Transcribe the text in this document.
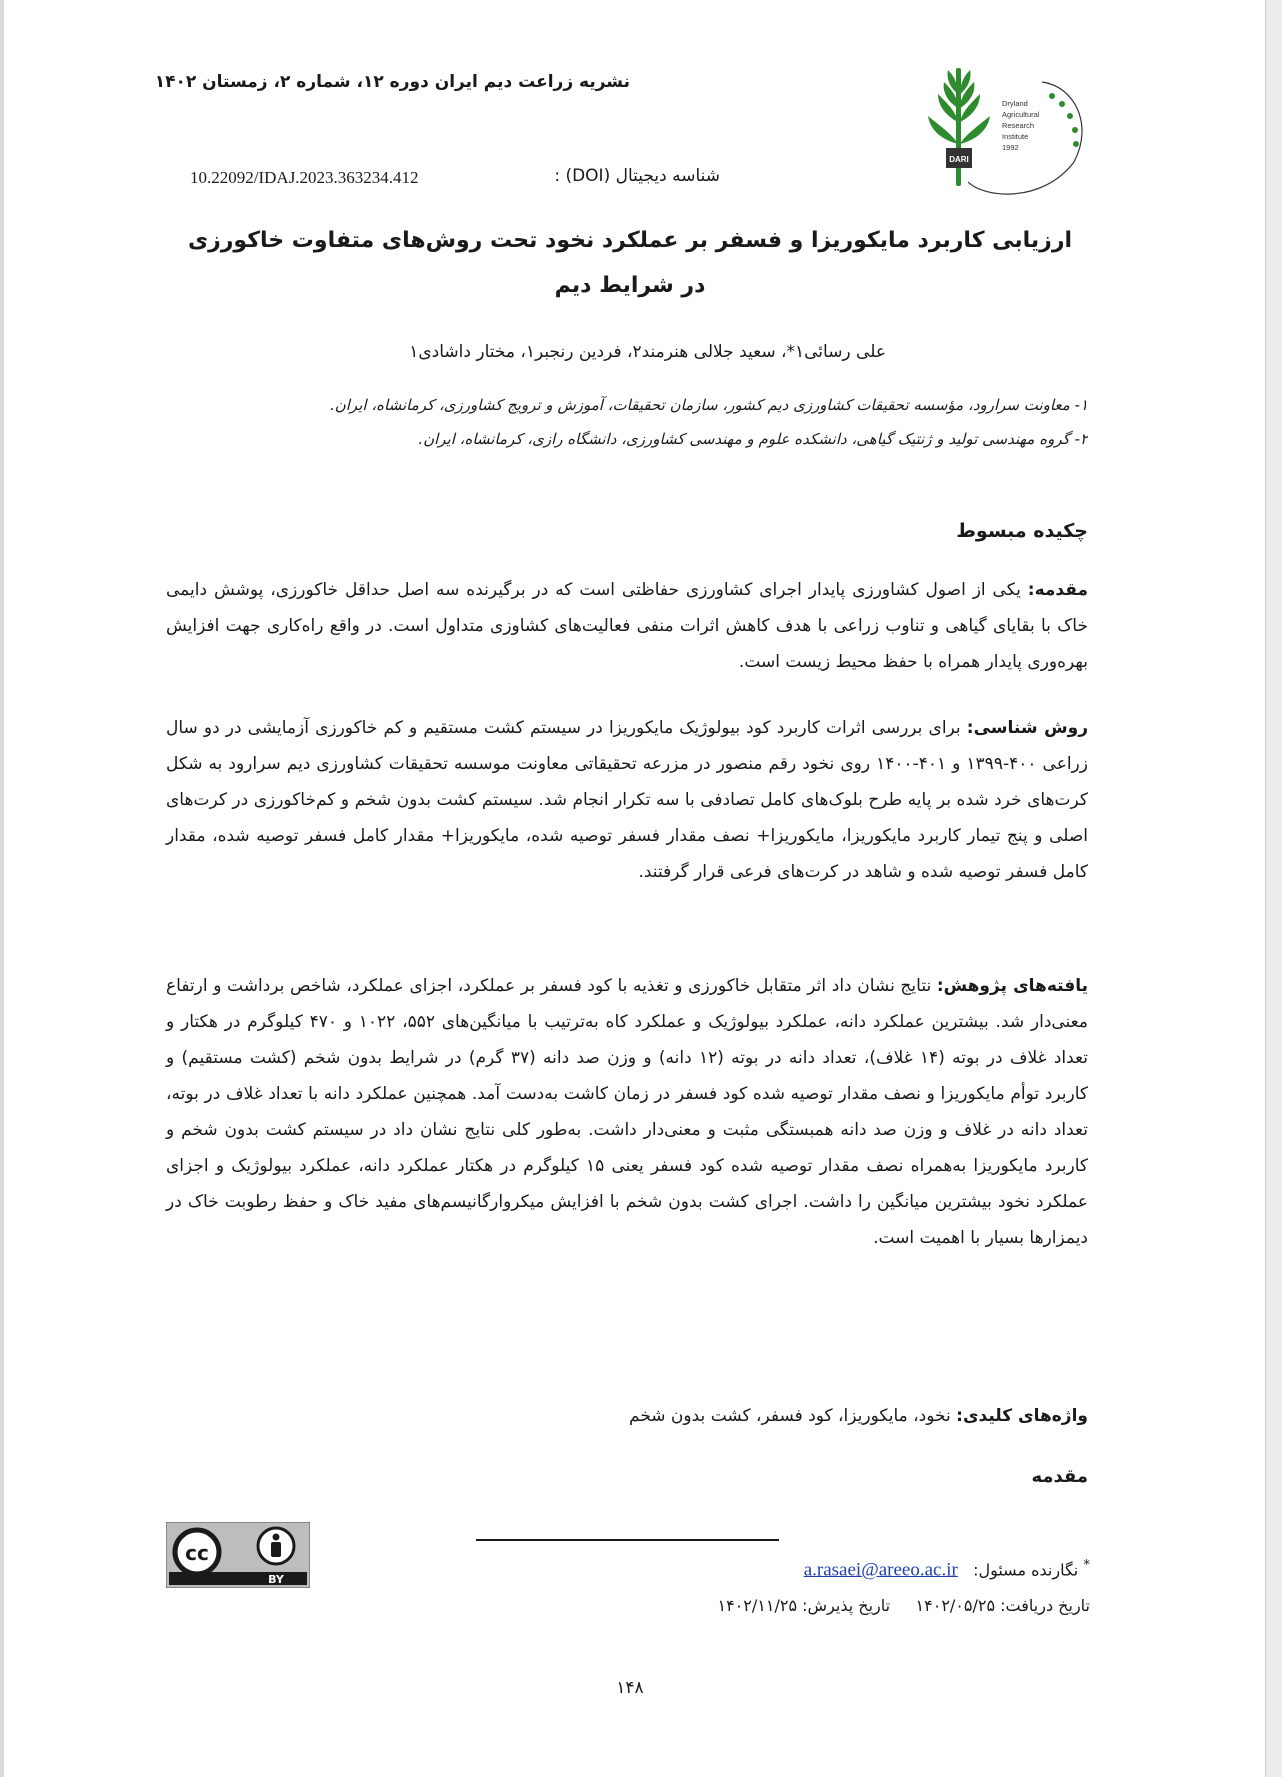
نشریه زراعت دیم ایران دوره ۱۲، شماره ۲، زمستان ۱۴۰۲
شناسه دیجیتال (DOI) :
10.22092/IDAJ.2023.363234.412
DARI
Dryland
Agricultural
Research
Institute
1992
ارزیابی کاربرد مایکوریزا و فسفر بر عملکرد نخود تحت روش‌های متفاوت خاکورزی
در شرایط دیم
علی رسائی۱*، سعید جلالی هنرمند۲، فردین رنجبر۱، مختار داشادی۱
۱- معاونت سرارود، مؤسسه تحقیقات کشاورزی دیم کشور، سازمان تحقیقات، آموزش و ترویج کشاورزی، کرمانشاه، ایران.
۲- گروه مهندسی تولید و ژنتیک گیاهی، دانشکده علوم و مهندسی کشاورزی، دانشگاه رازی، کرمانشاه، ایران.
چکیده مبسوط
مقدمه: یکی از اصول کشاورزی پایدار اجرای کشاورزی حفاظتی است که در برگیرنده سه اصل حداقل خاکورزی، پوشش دایمی خاک با بقایای گیاهی و تناوب زراعی با هدف کاهش اثرات منفی فعالیت‌های کشاوزی متداول است. در واقع راه‌کاری جهت افزایش بهره‌وری پایدار همراه با حفظ محیط زیست است.
روش شناسی: برای بررسی اثرات کاربرد کود بیولوژیک مایکوریزا در سیستم کشت مستقیم و کم خاکورزی آزمایشی در دو سال زراعی ۴۰۰-۱۳۹۹ و ۴۰۱-۱۴۰۰ روی نخود رقم منصور در مزرعه تحقیقاتی معاونت موسسه تحقیقات کشاورزی دیم سرارود به شکل کرت‌های خرد شده بر پایه طرح بلوک‌های کامل تصادفی با سه تکرار انجام شد. سیستم کشت بدون شخم و کم‌خاکورزی در کرت‌های اصلی و پنج تیمار کاربرد مایکوریزا، مایکوریزا+ نصف مقدار فسفر توصیه شده، مایکوریزا+ مقدار کامل فسفر توصیه شده، مقدار کامل فسفر توصیه شده و شاهد در کرت‌های فرعی قرار گرفتند.
یافته‌های پژوهش: نتایج نشان داد اثر متقابل خاکورزی و تغذیه با کود فسفر بر عملکرد، اجزای عملکرد، شاخص برداشت و ارتفاع معنی‌دار شد. بیشترین عملکرد دانه، عملکرد بیولوژیک و عملکرد کاه به‌ترتیب با میانگین‌های ۵۵۲، ۱۰۲۲ و ۴۷۰ کیلوگرم در هکتار و تعداد غلاف در بوته (۱۴ غلاف)، تعداد دانه در بوته (۱۲ دانه) و وزن صد دانه (۳۷ گرم) در شرایط بدون شخم (کشت مستقیم) و کاربرد توأم مایکوریزا و نصف مقدار توصیه شده کود فسفر در زمان کاشت به‌دست آمد. همچنین عملکرد دانه با تعداد غلاف در بوته، تعداد دانه در غلاف و وزن صد دانه همبستگی مثبت و معنی‌دار داشت. به‌طور کلی نتایج نشان داد در سیستم کشت بدون شخم و کاربرد مایکوریزا به‌همراه نصف مقدار توصیه شده کود فسفر یعنی ۱۵ کیلوگرم در هکتار عملکرد دانه، عملکرد بیولوژیک و اجزای عملکرد نخود بیشترین میانگین را داشت. اجرای کشت بدون شخم با افزایش میکروارگانیسم‌های مفید خاک و حفظ رطوبت خاک در دیمزارها بسیار با اهمیت است.
واژه‌های کلیدی: نخود، مایکوریزا، کود فسفر، کشت بدون شخم
مقدمه
cc
BY
* نگارنده مسئول:   a.rasaei@areeo.ac.ir
تاریخ دریافت: ۱۴۰۲/۰۵/۲۵     تاریخ پذیرش: ۱۴۰۲/۱۱/۲۵
۱۴۸
